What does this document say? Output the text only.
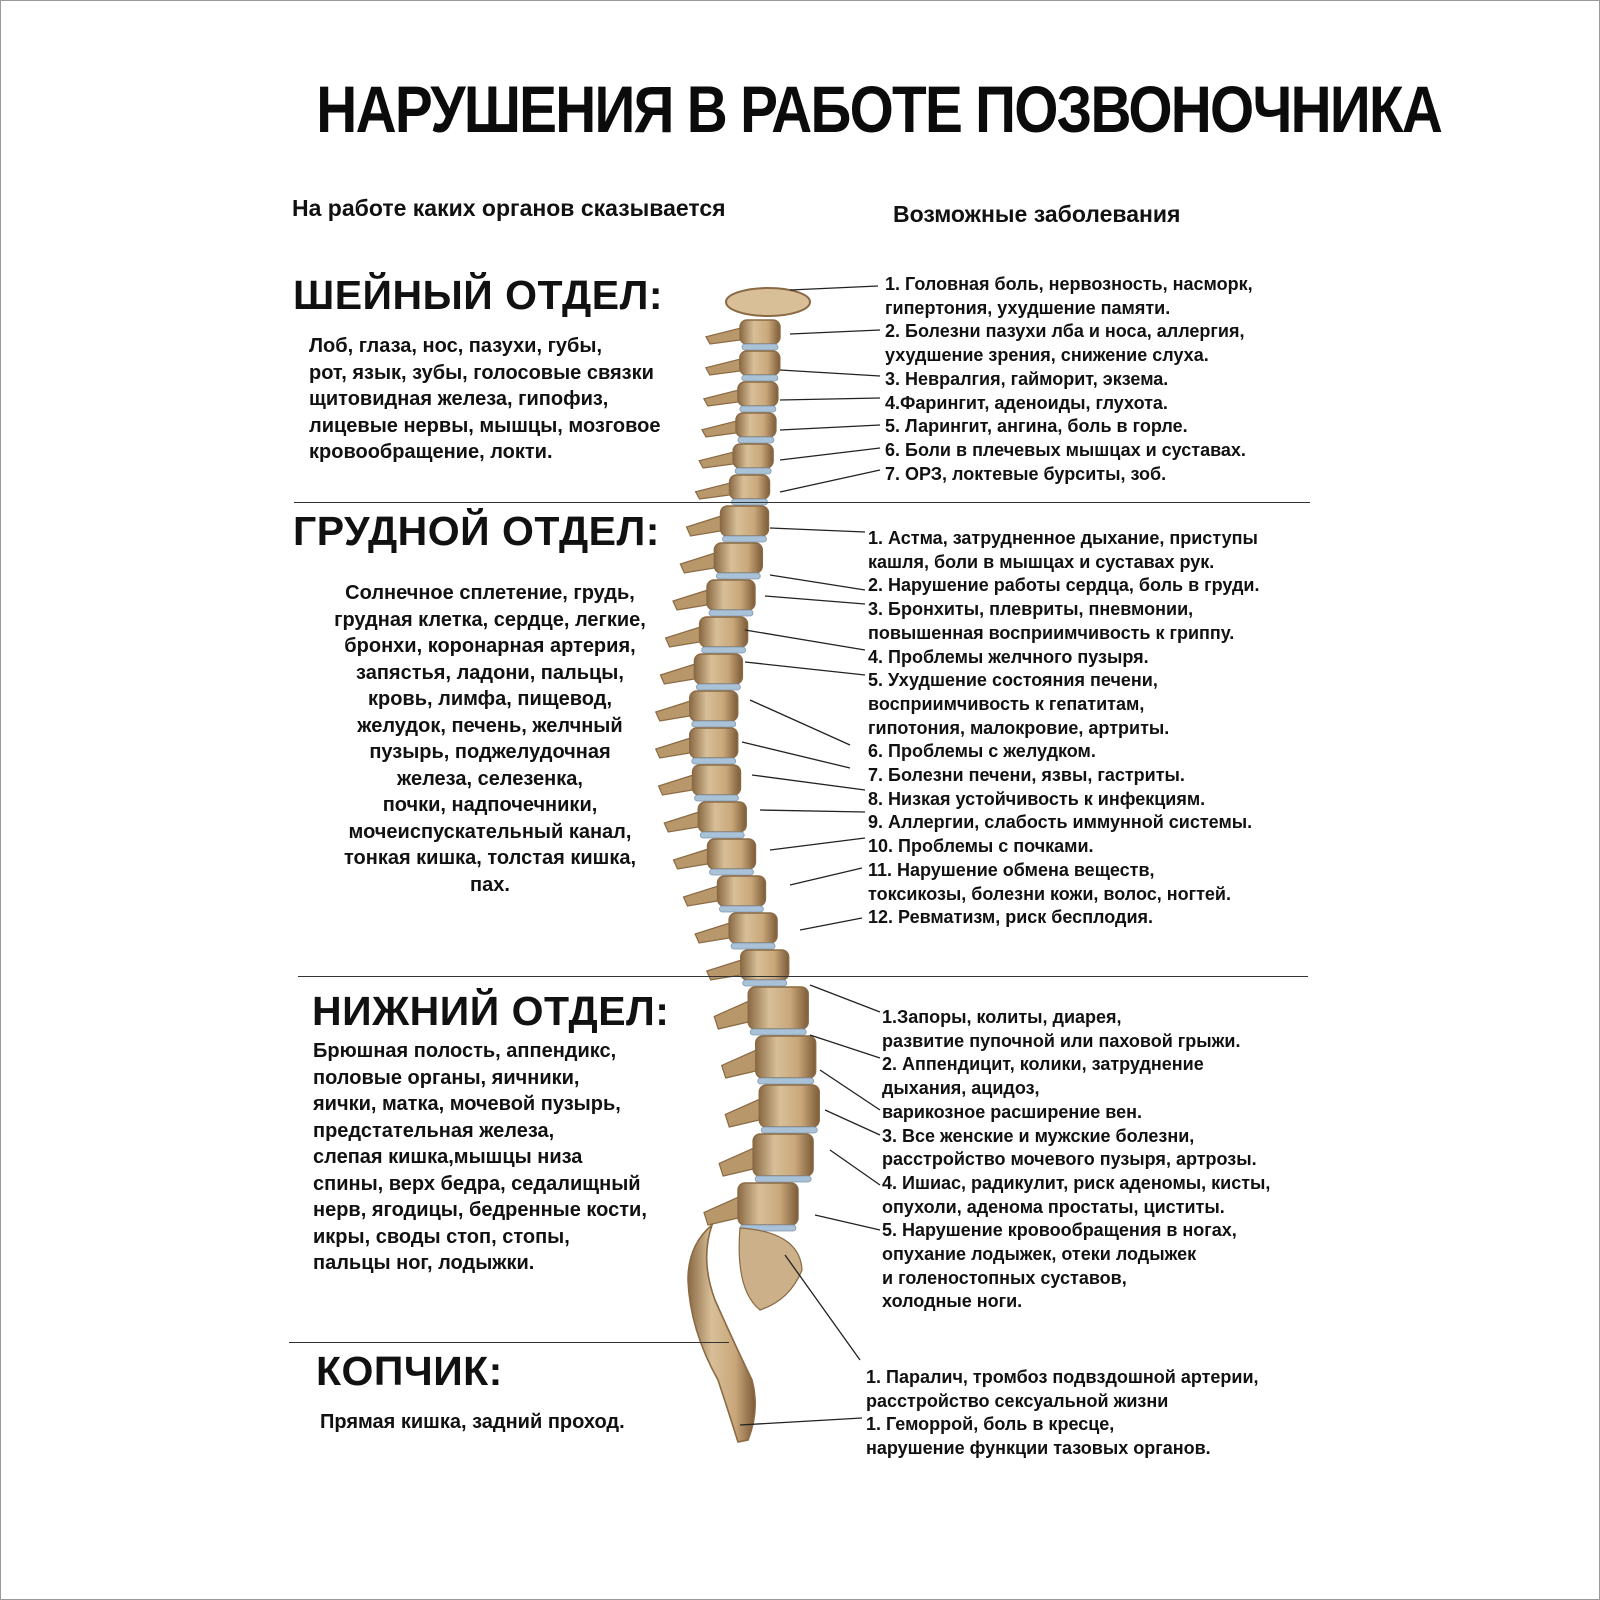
НАРУШЕНИЯ В РАБОТЕ ПОЗВОНОЧНИКА
На работе каких органов сказывается	Возможные заболевания
ШЕЙНЫЙ ОТДЕЛ:
Лоб, глаза, нос, пазухи, губы,
рот, язык, зубы, голосовые связки
щитовидная железа, гипофиз,
лицевые нервы, мышцы, мозговое
кровообращение, локти.
1. Головная боль, нервозность, насморк,
гипертония, ухудшение памяти.
2. Болезни пазухи лба и носа, аллергия,
ухудшение зрения, снижение слуха.
3. Невралгия, гайморит, экзема.
4.Фарингит, аденоиды, глухота.
5. Ларингит, ангина, боль в горле.
6. Боли в плечевых мышцах и суставах.
7. ОРЗ, локтевые бурситы, зоб.
ГРУДНОЙ ОТДЕЛ:
Солнечное сплетение, грудь,
грудная клетка, сердце, легкие,
бронхи, коронарная артерия,
запястья, ладони, пальцы,
кровь, лимфа, пищевод,
желудок, печень, желчный
пузырь, поджелудочная
железа, селезенка,
почки, надпочечники,
мочеиспускательный канал,
тонкая кишка, толстая кишка,
пах.
1. Астма, затрудненное дыхание, приступы
кашля, боли в мышцах и суставах рук.
2. Нарушение работы сердца, боль в груди.
3. Бронхиты, плевриты, пневмонии,
повышенная восприимчивость к гриппу.
4. Проблемы желчного пузыря.
5. Ухудшение состояния печени,
восприимчивость к гепатитам,
гипотония, малокровие, артриты.
6. Проблемы с желудком.
7. Болезни печени, язвы, гастриты.
8. Низкая устойчивость к инфекциям.
9. Аллергии, слабость иммунной системы.
10. Проблемы с почками.
11. Нарушение обмена веществ,
токсикозы, болезни кожи, волос, ногтей.
12. Ревматизм, риск бесплодия.
НИЖНИЙ ОТДЕЛ:
Брюшная полость, аппендикс,
половые органы, яичники,
яички, матка, мочевой пузырь,
предстательная железа,
слепая кишка,мышцы низа
спины, верх бедра, седалищный
нерв, ягодицы, бедренные кости,
икры, своды стоп, стопы,
пальцы ног, лодыжки.
1.Запоры, колиты, диарея,
развитие пупочной или паховой грыжи.
2. Аппендицит, колики, затруднение
дыхания, ацидоз,
варикозное расширение вен.
3. Все женские и мужские болезни,
расстройство мочевого пузыря, артрозы.
4. Ишиас, радикулит, риск аденомы, кисты,
опухоли, аденома простаты, циститы.
5. Нарушение кровообращения в ногах,
опухание лодыжек, отеки лодыжек
и голеностопных суставов,
холодные ноги.
КОПЧИК:
Прямая кишка, задний проход.
1. Паралич, тромбоз подвздошной артерии,
расстройство сексуальной жизни
1. Геморрой, боль в кресце,
нарушение функции тазовых органов.
